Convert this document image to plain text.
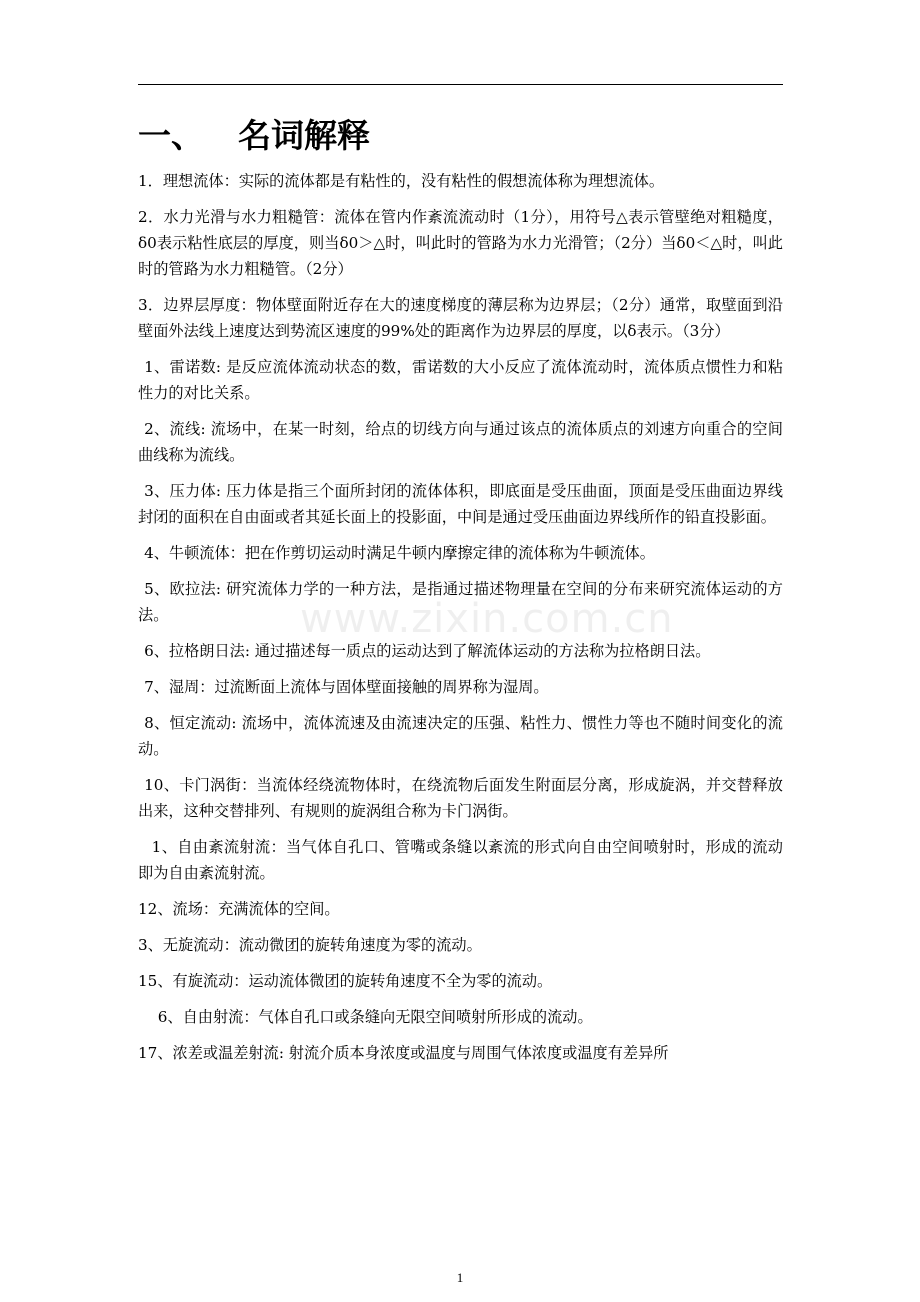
一、 名词解释

1．理想流体：实际的流体都是有粘性的，没有粘性的假想流体称为理想流体。

2．水力光滑与水力粗糙管：流体在管内作紊流流动时（1分），用符号△表示管壁绝对粗糙度，δ0表示粘性底层的厚度，则当δ0＞△时，叫此时的管路为水力光滑管；（2分）当δ0＜△时，叫此时的管路为水力粗糙管。（2分）

3．边界层厚度：物体壁面附近存在大的速度梯度的薄层称为边界层；（2分）通常，取壁面到沿壁面外法线上速度达到势流区速度的99%处的距离作为边界层的厚度，以δ表示。（3分）

1、雷诺数: 是反应流体流动状态的数，雷诺数的大小反应了流体流动时，流体质点惯性力和粘性力的对比关系。

2、流线: 流场中，在某一时刻，给点的切线方向与通过该点的流体质点的刘速方向重合的空间曲线称为流线。

3、压力体: 压力体是指三个面所封闭的流体体积，即底面是受压曲面，顶面是受压曲面边界线封闭的面积在自由面或者其延长面上的投影面，中间是通过受压曲面边界线所作的铅直投影面。

4、牛顿流体：把在作剪切运动时满足牛顿内摩擦定律的流体称为牛顿流体。

5、欧拉法: 研究流体力学的一种方法，是指通过描述物理量在空间的分布来研究流体运动的方法。

6、拉格朗日法: 通过描述每一质点的运动达到了解流体运动的方法称为拉格朗日法。

7、湿周：过流断面上流体与固体壁面接触的周界称为湿周。

8、恒定流动: 流场中，流体流速及由流速决定的压强、粘性力、惯性力等也不随时间变化的流动。

10、卡门涡街：当流体经绕流物体时，在绕流物后面发生附面层分离，形成旋涡，并交替释放出来，这种交替排列、有规则的旋涡组合称为卡门涡街。

1、自由紊流射流：当气体自孔口、管嘴或条缝以紊流的形式向自由空间喷射时，形成的流动即为自由紊流射流。

12、流场：充满流体的空间。

3、无旋流动：流动微团的旋转角速度为零的流动。

15、有旋流动：运动流体微团的旋转角速度不全为零的流动。

6、自由射流：气体自孔口或条缝向无限空间喷射所形成的流动。

17、浓差或温差射流: 射流介质本身浓度或温度与周围气体浓度或温度有差异所

www.zixin.com.cn
1
